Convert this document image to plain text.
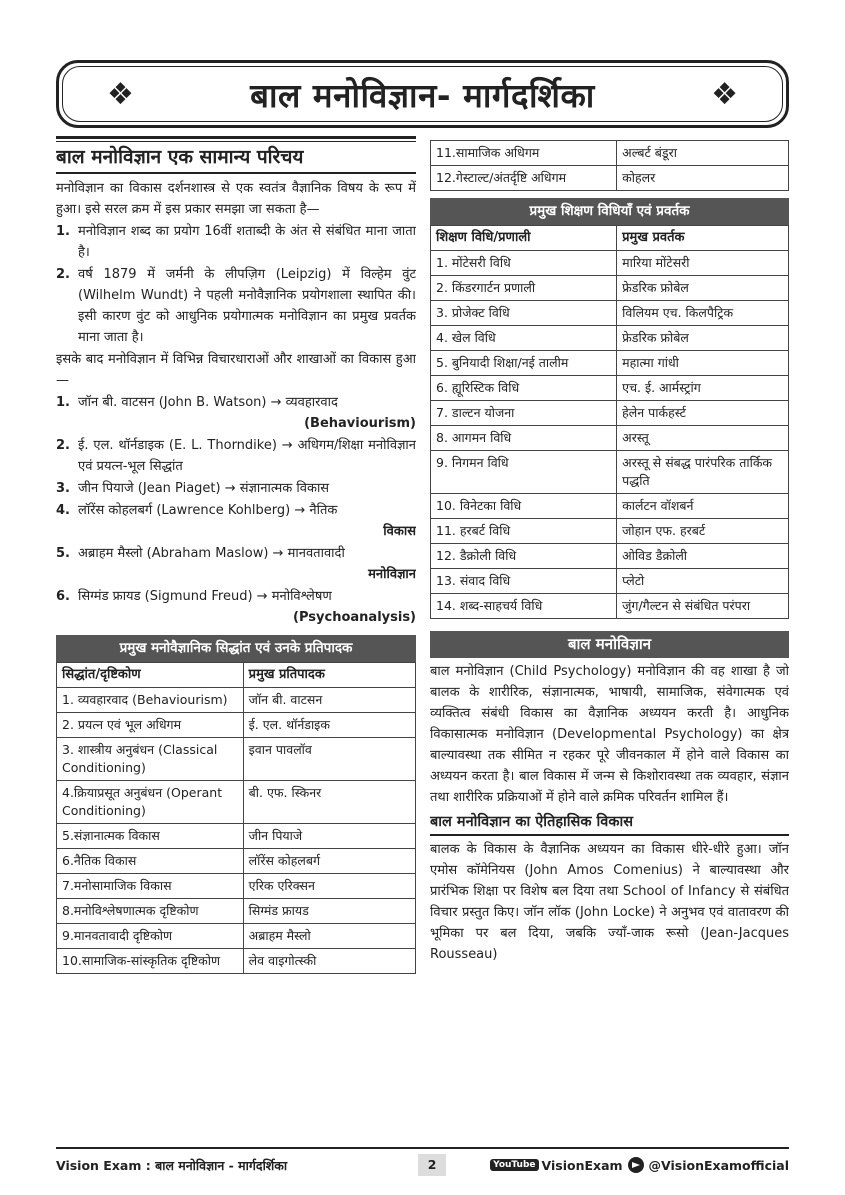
❖	बाल मनोविज्ञान- मार्गदर्शिका	❖
बाल मनोविज्ञान एक सामान्य परिचय

मनोविज्ञान का विकास दर्शनशास्त्र से एक स्वतंत्र वैज्ञानिक विषय के रूप में हुआ। इसे सरल क्रम में इस प्रकार समझा जा सकता है—

1. मनोविज्ञान शब्द का प्रयोग 16वीं शताब्दी के अंत से संबंधित माना जाता है।
2. वर्ष 1879 में जर्मनी के लीपज़िग (Leipzig) में विल्हेम वुंट (Wilhelm Wundt) ने पहली मनोवैज्ञानिक प्रयोगशाला स्थापित की। इसी कारण वुंट को आधुनिक प्रयोगात्मक मनोविज्ञान का प्रमुख प्रवर्तक माना जाता है।

इसके बाद मनोविज्ञान में विभिन्न विचारधाराओं और शाखाओं का विकास हुआ—

1. जॉन बी. वाटसन (John B. Watson) → व्यवहारवाद
(Behaviourism)
2. ई. एल. थॉर्नडाइक (E. L. Thorndike) → अधिगम/शिक्षा मनोविज्ञान एवं प्रयत्न-भूल सिद्धांत
3. जीन पियाजे (Jean Piaget) → संज्ञानात्मक विकास
4. लॉरेंस कोहलबर्ग (Lawrence Kohlberg) → नैतिक
विकास
5. अब्राहम मैस्लो (Abraham Maslow) → मानवतावादी
मनोविज्ञान
6. सिग्मंड फ्रायड (Sigmund Freud) → मनोविश्लेषण
(Psychoanalysis)
प्रमुख मनोवैज्ञानिक सिद्धांत एवं उनके प्रतिपादक
सिद्धांत/दृष्टिकोण	प्रमुख प्रतिपादक
1. व्यवहारवाद (Behaviourism)	जॉन बी. वाटसन
2. प्रयत्न एवं भूल अधिगम	ई. एल. थॉर्नडाइक
3. शास्त्रीय अनुबंधन (Classical Conditioning)	इवान पावलॉव
4.क्रियाप्रसूत अनुबंधन (Operant Conditioning)	बी. एफ. स्किनर
5.संज्ञानात्मक विकास	जीन पियाजे
6.नैतिक विकास	लॉरेंस कोहलबर्ग
7.मनोसामाजिक विकास	एरिक एरिक्सन
8.मनोविश्लेषणात्मक दृष्टिकोण	सिग्मंड फ्रायड
9.मानवतावादी दृष्टिकोण	अब्राहम मैस्लो
10.सामाजिक-सांस्कृतिक दृष्टिकोण	लेव वाइगोत्स्की
11.सामाजिक अधिगम	अल्बर्ट बंडूरा
12.गेस्टाल्ट/अंतर्दृष्टि अधिगम	कोहलर
प्रमुख शिक्षण विधियाँ एवं प्रवर्तक
शिक्षण विधि/प्रणाली	प्रमुख प्रवर्तक
1. मोंटेसरी विधि	मारिया मोंटेसरी
2. किंडरगार्टन प्रणाली	फ्रेडरिक फ्रोबेल
3. प्रोजेक्ट विधि	विलियम एच. किलपैट्रिक
4. खेल विधि	फ्रेडरिक फ्रोबेल
5. बुनियादी शिक्षा/नई तालीम	महात्मा गांधी
6. ह्यूरिस्टिक विधि	एच. ई. आर्मस्ट्रांग
7. डाल्टन योजना	हेलेन पार्कहर्स्ट
8. आगमन विधि	अरस्तू
9. निगमन विधि	अरस्तू से संबद्ध पारंपरिक तार्किक पद्धति
10. विनेटका विधि	कार्लटन वॉशबर्न
11. हरबर्ट विधि	जोहान एफ. हरबर्ट
12. डैक्रोली विधि	ओविड डैक्रोली
13. संवाद विधि	प्लेटो
14. शब्द-साहचर्य विधि	जुंग/गैल्टन से संबंधित परंपरा
बाल मनोविज्ञान

बाल मनोविज्ञान (Child Psychology) मनोविज्ञान की वह शाखा है जो बालक के शारीरिक, संज्ञानात्मक, भाषायी, सामाजिक, संवेगात्मक एवं व्यक्तित्व संबंधी विकास का वैज्ञानिक अध्ययन करती है। आधुनिक विकासात्मक मनोविज्ञान (Developmental Psychology) का क्षेत्र बाल्यावस्था तक सीमित न रहकर पूरे जीवनकाल में होने वाले विकास का अध्ययन करता है। बाल विकास में जन्म से किशोरावस्था तक व्यवहार, संज्ञान तथा शारीरिक प्रक्रियाओं में होने वाले क्रमिक परिवर्तन शामिल हैं।

बाल मनोविज्ञान का ऐतिहासिक विकास

बालक के विकास के वैज्ञानिक अध्ययन का विकास धीरे-धीरे हुआ। जॉन एमोस कॉमेनियस (John Amos Comenius) ने बाल्यावस्था और प्रारंभिक शिक्षा पर विशेष बल दिया तथा School of Infancy से संबंधित विचार प्रस्तुत किए। जॉन लॉक (John Locke) ने अनुभव एवं वातावरण की भूमिका पर बल दिया, जबकि ज्याँ-जाक रूसो (Jean-Jacques Rousseau)

Vision Exam : बाल मनोविज्ञान - मार्गदर्शिका	2	YouTube VisionExam @VisionExamofficial
